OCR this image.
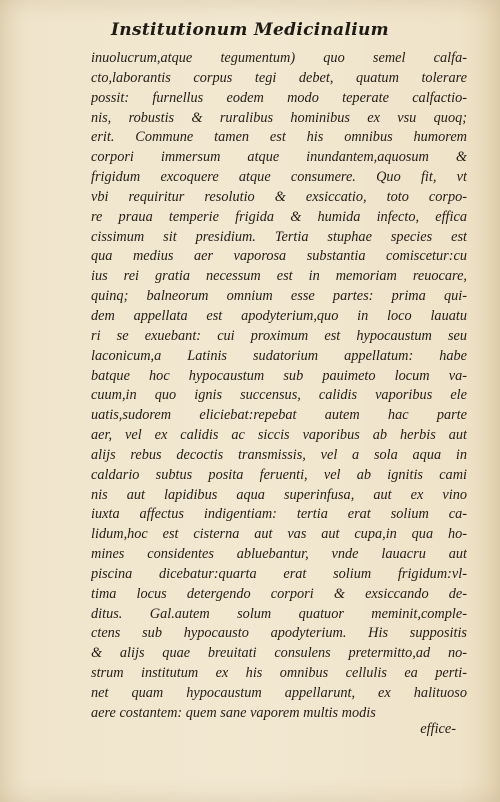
Institutionum Medicinalium
inuolucrum,atque tegumentum) quo semel calfa-
cto,laborantis corpus tegi debet, quatum tolerare
possit: furnellus eodem modo teperate calfactio-
nis, robustis & ruralibus hominibus ex vsu quoq;
erit. Commune tamen est his omnibus humorem
corpori immersum atque inundantem,aquosum &
frigidum excoquere atque consumere. Quo fit, vt
vbi requiritur resolutio & exsiccatio, toto corpo-
re praua temperie frigida & humida infecto, effica
cissimum sit presidium. Tertia stuphae species est
qua medius aer vaporosa substantia comiscetur:cu
ius rei gratia necessum est in memoriam reuocare,
quinq; balneorum omnium esse partes: prima qui-
dem appellata est apodyterium,quo in loco lauatu
ri se exuebant: cui proximum est hypocaustum seu
laconicum,a Latinis sudatorium appellatum: habe
batque hoc hypocaustum sub pauimeto locum va-
cuum,in quo ignis succensus, calidis vaporibus ele
uatis,sudorem eliciebat:repebat autem hac parte
aer, vel ex calidis ac siccis vaporibus ab herbis aut
alijs rebus decoctis transmissis, vel a sola aqua in
caldario subtus posita feruenti, vel ab ignitis cami
nis aut lapidibus aqua superinfusa, aut ex vino
iuxta affectus indigentiam: tertia erat solium ca-
lidum,hoc est cisterna aut vas aut cupa,in qua ho-
mines considentes abluebantur, vnde lauacru aut
piscina dicebatur:quarta erat solium frigidum:vl-
tima locus detergendo corpori & exsiccando de-
ditus. Gal.autem solum quatuor meminit,comple-
ctens sub hypocausto apodyterium. His suppositis
& alijs quae breuitati consulens pretermitto,ad no-
strum institutum ex his omnibus cellulis ea perti-
net quam hypocaustum appellarunt, ex halituoso
aere costantem: quem sane vaporem multis modis
effice-
